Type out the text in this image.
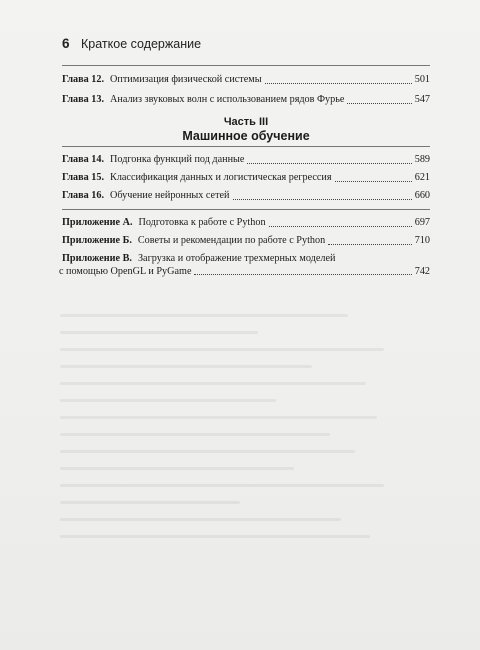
6 Краткое содержание
Глава 12. Оптимизация физической системы	501
Глава 13. Анализ звуковых волн с использованием рядов Фурье	547
Часть III
Машинное обучение
Глава 14. Подгонка функций под данные	589
Глава 15. Классификация данных и логистическая регрессия	621
Глава 16. Обучение нейронных сетей	660
Приложение А. Подготовка к работе с Python	697
Приложение Б. Советы и рекомендации по работе с Python	710
Приложение В. Загрузка и отображение трехмерных моделей
с помощью OpenGL и PyGame	742
